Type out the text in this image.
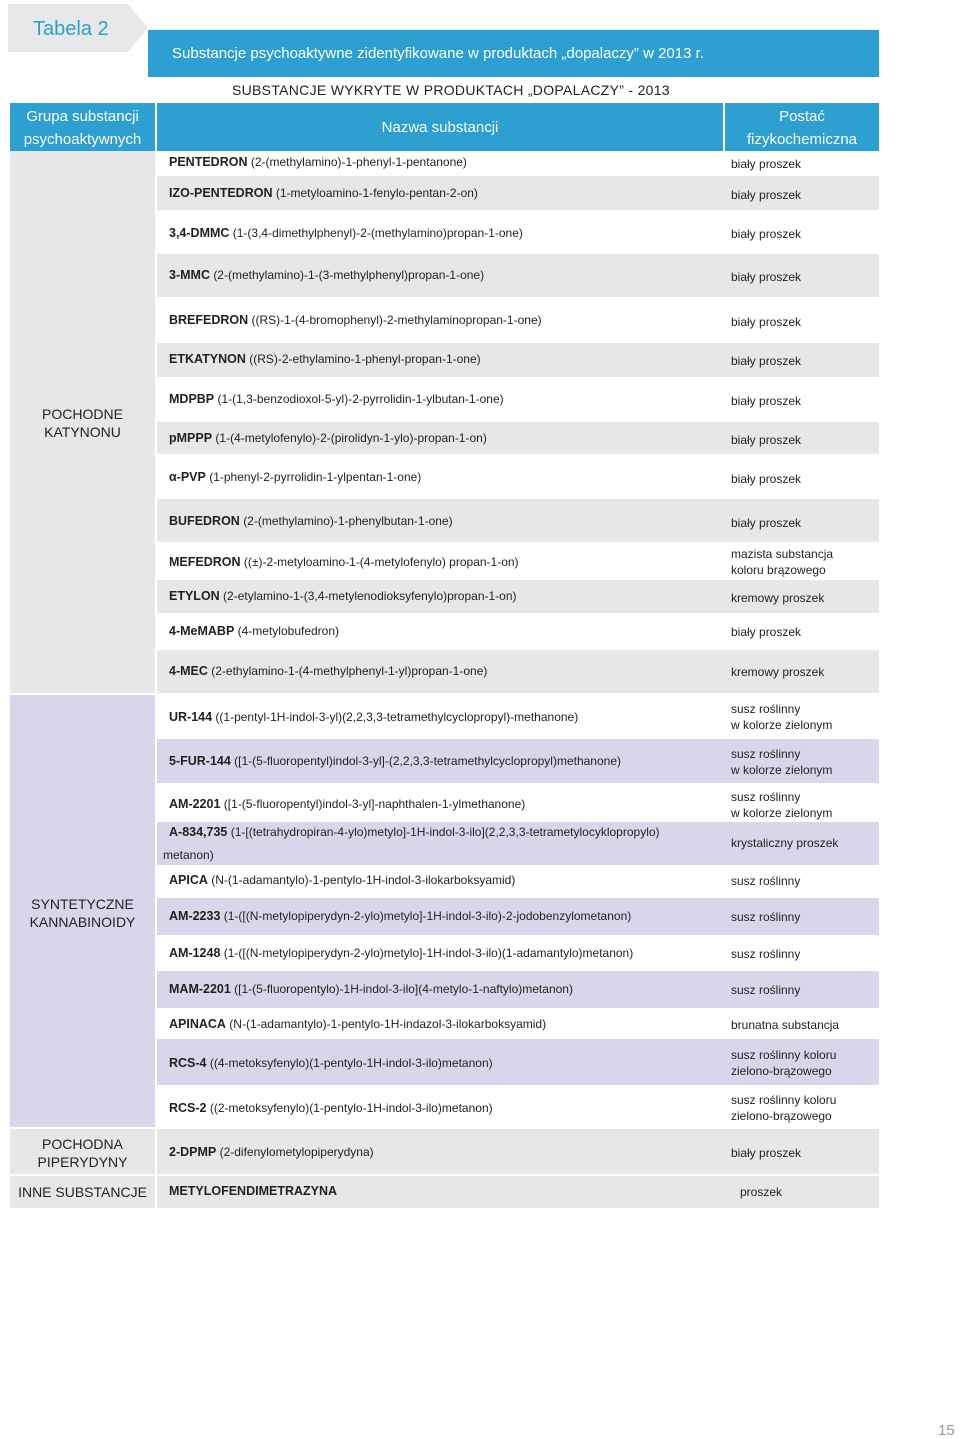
Tabela 2
Substancje psychoaktywne zidentyfikowane w produktach „dopalaczy” w 2013 r.
SUBSTANCJE WYKRYTE W PRODUKTACH „DOPALACZY” - 2013
Grupa substancji
psychoaktywnych
Nazwa substancji
Postać
fizykochemiczna
POCHODNE
KATYNONU
SYNTETYCZNE
KANNABINOIDY
POCHODNA
PIPERYDYNY
INNE SUBSTANCJE
PENTEDRON (2-(methylamino)-1-phenyl-1-pentanone)
IZO-PENTEDRON (1-metyloamino-1-fenylo-pentan-2-on)
3,4-DMMC (1-(3,4-dimethylphenyl)-2-(methylamino)propan-1-one)
3-MMC (2-(methylamino)-1-(3-methylphenyl)propan-1-one)
BREFEDRON ((RS)-1-(4-bromophenyl)-2-methylaminopropan-1-one)
ETKATYNON ((RS)-2-ethylamino-1-phenyl-propan-1-one)
MDPBP (1-(1,3-benzodioxol-5-yl)-2-pyrrolidin-1-ylbutan-1-one)
pMPPP (1-(4-metylofenylo)-2-(pirolidyn-1-ylo)-propan-1-on)
α-PVP (1-phenyl-2-pyrrolidin-1-ylpentan-1-one)
BUFEDRON (2-(methylamino)-1-phenylbutan-1-one)
MEFEDRON ((±)-2-metyloamino-1-(4-metylofenylo) propan-1-on)
ETYLON (2-etylamino-1-(3,4-metylenodioksyfenylo)propan-1-on)
4-MeMABP (4-metylobufedron)
4-MEC (2-ethylamino-1-(4-methylphenyl-1-yl)propan-1-one)
UR-144 ((1-pentyl-1H-indol-3-yl)(2,2,3,3-tetramethylcyclopropyl)-methanone)
5-FUR-144 ([1-(5-fluoropentyl)indol-3-yl]-(2,2,3,3-tetramethylcyclopropyl)methanone)
AM-2201 ([1-(5-fluoropentyl)indol-3-yl]-naphthalen-1-ylmethanone)
A-834,735 (1-[(tetrahydropiran-4-ylo)metylo]-1H-indol-3-ilo](2,2,3,3-tetrametylocyklopropylo)
metanon)
APICA (N-(1-adamantylo)-1-pentylo-1H-indol-3-ilokarboksyamid)
AM-2233 (1-([(N-metylopiperydyn-2-ylo)metylo]-1H-indol-3-ilo)-2-jodobenzylometanon)
AM-1248 (1-([(N-metylopiperydyn-2-ylo)metylo]-1H-indol-3-ilo)(1-adamantylo)metanon)
MAM-2201 ([1-(5-fluoropentylo)-1H-indol-3-ilo](4-metylo-1-naftylo)metanon)
APINACA (N-(1-adamantylo)-1-pentylo-1H-indazol-3-ilokarboksyamid)
RCS-4 ((4-metoksyfenylo)(1-pentylo-1H-indol-3-ilo)metanon)
RCS-2 ((2-metoksyfenylo)(1-pentylo-1H-indol-3-ilo)metanon)
2-DPMP (2-difenylometylopiperydyna)
METYLOFENDIMETRAZYNA
biały proszek
biały proszek
biały proszek
biały proszek
biały proszek
biały proszek
biały proszek
biały proszek
biały proszek
biały proszek
mazista substancja
koloru brązowego
kremowy proszek
biały proszek
kremowy proszek
susz roślinny
w kolorze zielonym
susz roślinny
w kolorze zielonym
susz roślinny
w kolorze zielonym
krystaliczny proszek
susz roślinny
susz roślinny
susz roślinny
susz roślinny
brunatna substancja
susz roślinny koloru
zielono-brązowego
susz roślinny koloru
zielono-brązowego
biały proszek
proszek
15
